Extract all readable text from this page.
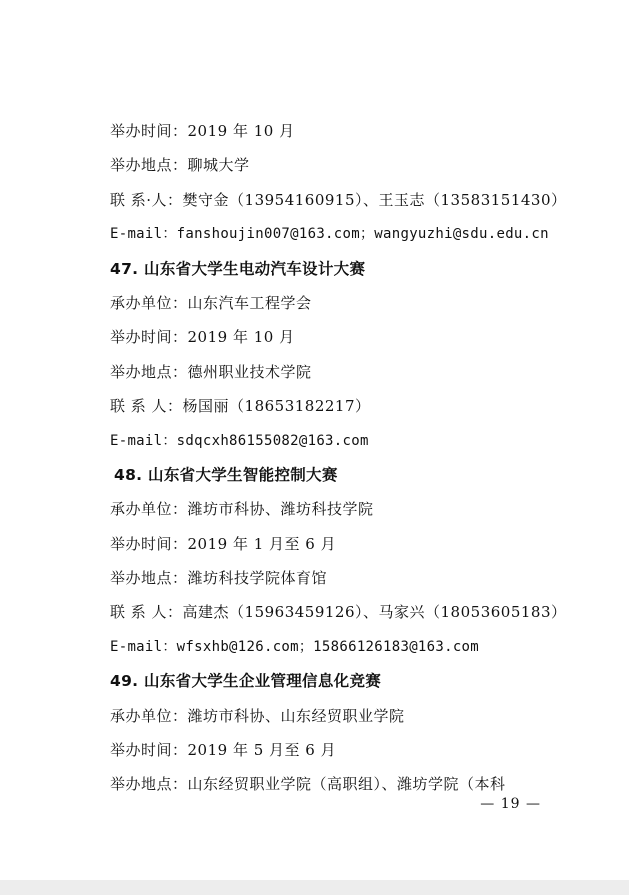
举办时间：2019 年 10 月
举办地点：聊城大学
联 系·人：樊守金（13954160915）、王玉志（13583151430）
E-mail：fanshoujin007@163.com；wangyuzhi@sdu.edu.cn
47. 山东省大学生电动汽车设计大赛
承办单位：山东汽车工程学会
举办时间：2019 年 10 月
举办地点：德州职业技术学院
联 系 人：杨国丽（18653182217）
E-mail：sdqcxh86155082@163.com
48. 山东省大学生智能控制大赛
承办单位：潍坊市科协、潍坊科技学院
举办时间：2019 年 1 月至 6 月
举办地点：潍坊科技学院体育馆
联 系 人：高建杰（15963459126）、马家兴（18053605183）
E-mail：wfsxhb@126.com；15866126183@163.com
49. 山东省大学生企业管理信息化竞赛
承办单位：潍坊市科协、山东经贸职业学院
举办时间：2019 年 5 月至 6 月
举办地点：山东经贸职业学院（高职组）、潍坊学院（本科
— 19 —
